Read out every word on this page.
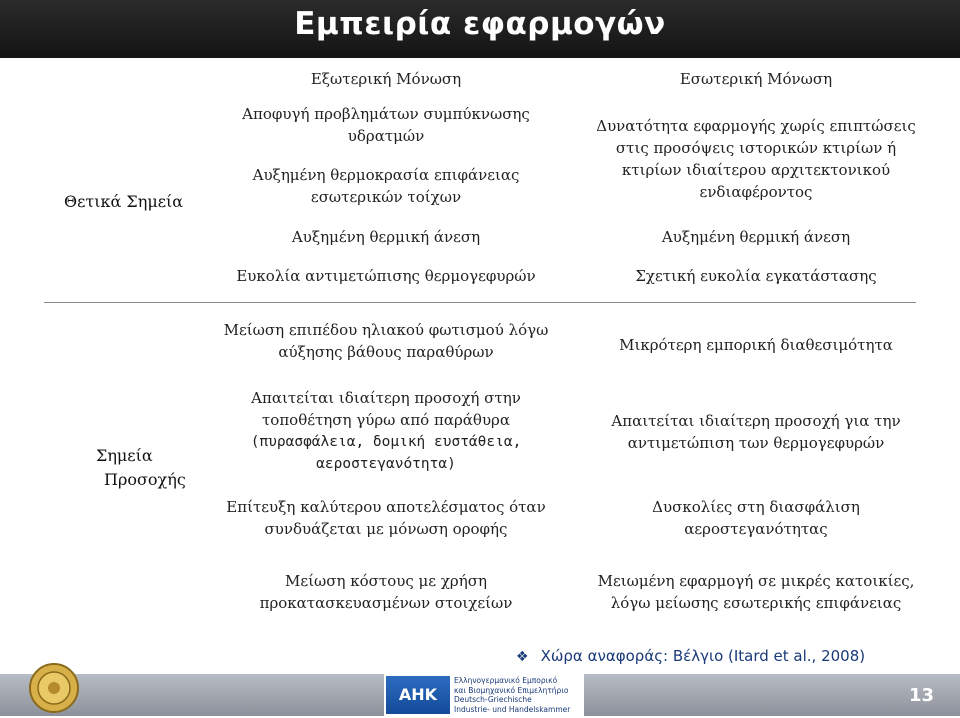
Εμπειρία εφαρμογών
Εξωτερική Μόνωση	Εσωτερική Μόνωση
Θετικά Σημεία
Σημεία
Προσοχής
Αποφυγή προβλημάτων συμπύκνωσης
υδρατμών
Αυξημένη θερμοκρασία επιφάνειας
εσωτερικών τοίχων
Αυξημένη θερμική άνεση
Ευκολία αντιμετώπισης θερμογεφυρών
Δυνατότητα εφαρμογής χωρίς επιπτώσεις
στις προσόψεις ιστορικών κτιρίων ή
κτιρίων ιδιαίτερου αρχιτεκτονικού
ενδιαφέροντος
Αυξημένη θερμική άνεση
Σχετική ευκολία εγκατάστασης
Μείωση επιπέδου ηλιακού φωτισμού λόγω
αύξησης βάθους παραθύρων
Απαιτείται ιδιαίτερη προσοχή στην
τοποθέτηση γύρω από παράθυρα
(πυρασφάλεια, δομική ευστάθεια,
αεροστεγανότητα)
Επίτευξη καλύτερου αποτελέσματος όταν
συνδυάζεται με μόνωση οροφής
Μείωση κόστους με χρήση
προκατασκευασμένων στοιχείων
Μικρότερη εμπορική διαθεσιμότητα
Απαιτείται ιδιαίτερη προσοχή για την
αντιμετώπιση των θερμογεφυρών
Δυσκολίες στη διασφάλιση
αεροστεγανότητας
Μειωμένη εφαρμογή σε μικρές κατοικίες,
λόγω μείωσης εσωτερικής επιφάνειας
❖ Χώρα αναφοράς: Βέλγιο (Itard et al., 2008)
AHK
Ελληνογερμανικό Εμπορικό
και Βιομηχανικό Επιμελητήριο
Deutsch-Griechische
Industrie- und Handelskammer
13
